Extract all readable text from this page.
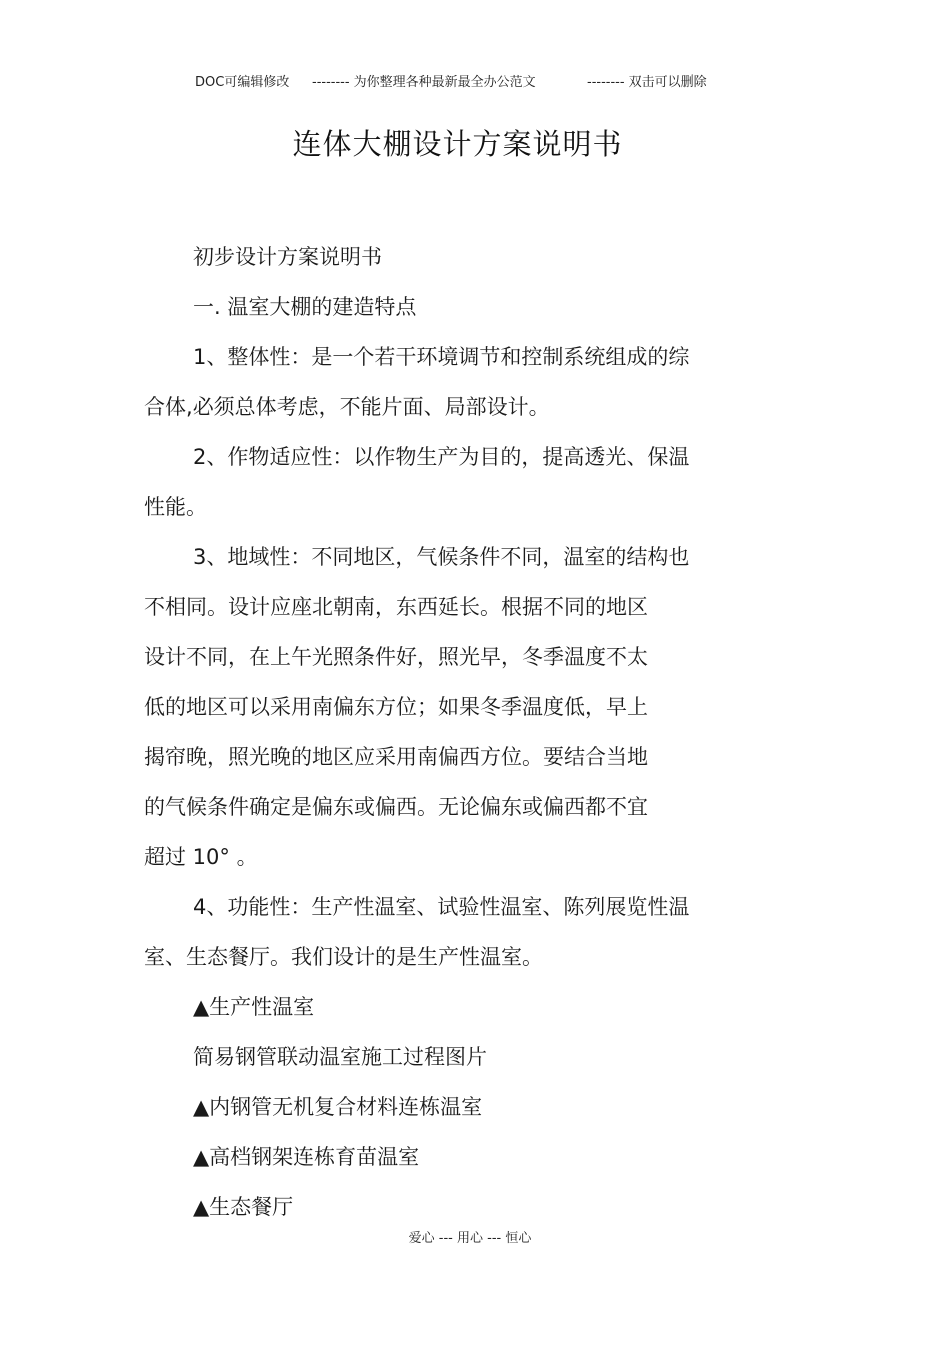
DOC可编辑修改 -------- 为你整理各种最新最全办公范文	-------- 双击可以删除
连体大棚设计方案说明书
初步设计方案说明书
一. 温室大棚的建造特点
1、整体性：是一个若干环境调节和控制系统组成的综
合体,必须总体考虑，不能片面、局部设计。
2、作物适应性：以作物生产为目的，提高透光、保温
性能。
3、地域性：不同地区，气候条件不同，温室的结构也
不相同。设计应座北朝南，东西延长。根据不同的地区
设计不同，在上午光照条件好，照光早，冬季温度不太
低的地区可以采用南偏东方位；如果冬季温度低，早上
揭帘晚，照光晚的地区应采用南偏西方位。要结合当地
的气候条件确定是偏东或偏西。无论偏东或偏西都不宜
超过 10° 。
4、功能性：生产性温室、试验性温室、陈列展览性温
室、生态餐厅。我们设计的是生产性温室。
▲生产性温室
简易钢管联动温室施工过程图片
▲内钢管无机复合材料连栋温室
▲高档钢架连栋育苗温室
▲生态餐厅
爱心 --- 用心 --- 恒心
